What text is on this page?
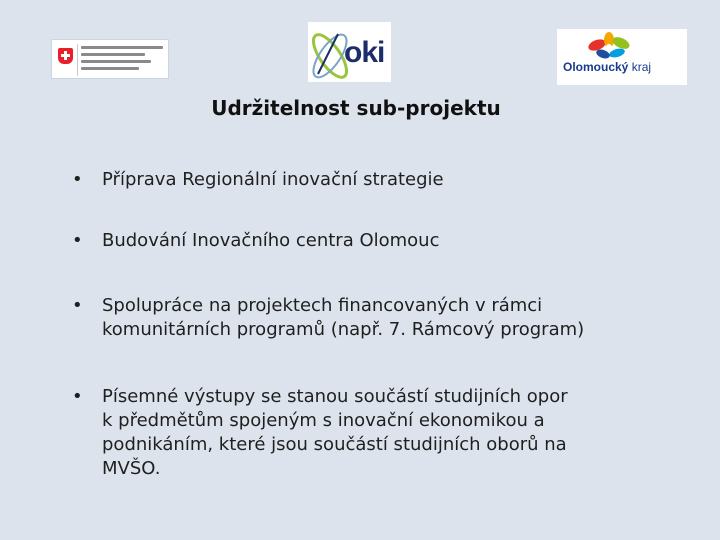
oki	Olomoucký kraj
Udržitelnost sub-projektu
•	Příprava Regionální inovační strategie
•	Budování Inovačního centra Olomouc
•	Spolupráce na projektech financovaných v rámci
komunitárních programů (např. 7. Rámcový program)
•	Písemné výstupy se stanou součástí studijních opor
k předmětům spojeným s inovační ekonomikou a
podnikáním, které jsou součástí studijních oborů na
MVŠO.
